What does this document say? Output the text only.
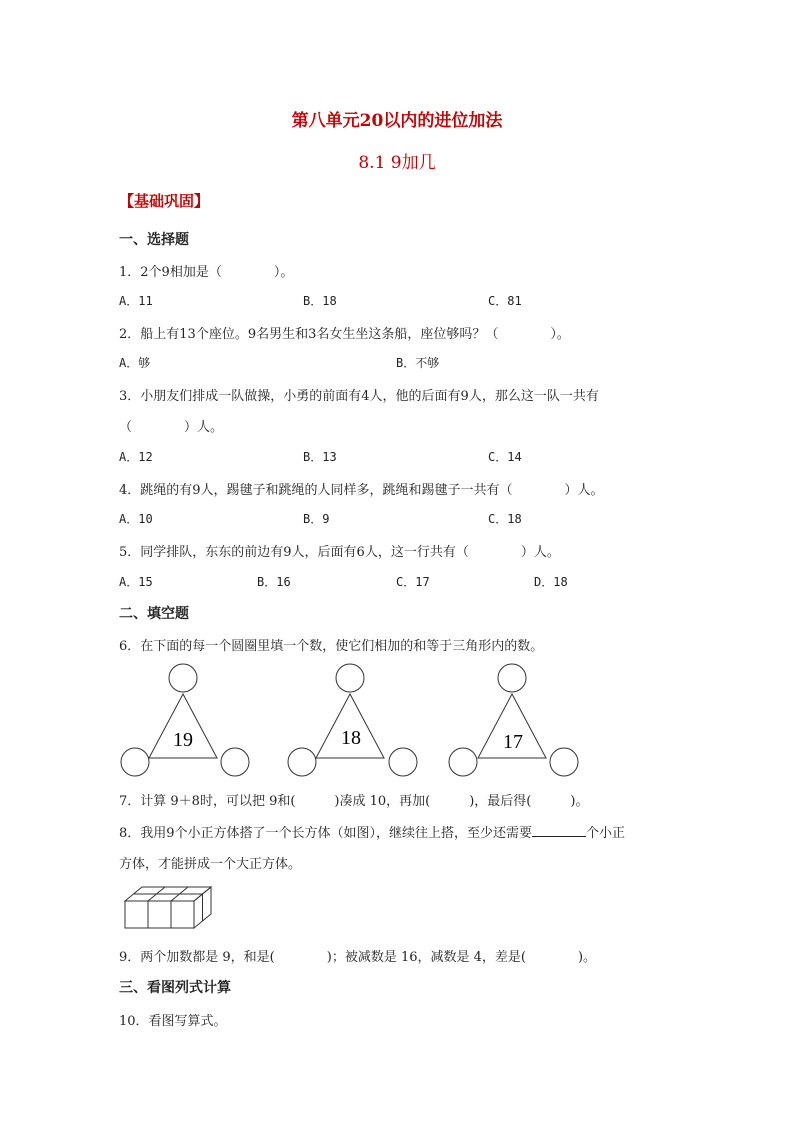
第八单元20以内的进位加法
8.1 9加几
【基础巩固】
一、选择题
1．2个9相加是（　　　　）。
A．11	B．18	C．81
2．船上有13个座位。9名男生和3名女生坐这条船，座位够吗？（　　　　）。
A．够	B．不够
3．小朋友们排成一队做操，小勇的前面有4人，他的后面有9人，那么这一队一共有
（　　　　）人。
A．12	B．13	C．14
4．跳绳的有9人，踢毽子和跳绳的人同样多，跳绳和踢毽子一共有（　　　　）人。
A．10	B．9	C．18
5．同学排队，东东的前边有9人，后面有6人，这一行共有（　　　　）人。
A．15	B．16	C．17	D．18
二、填空题
6．在下面的每一个圆圈里填一个数，使它们相加的和等于三角形内的数。
19	18	17
7．计算 9＋8时，可以把 9和(　　　)凑成 10，再加(　　　)，最后得(　　　)。
8．我用9个小正方体搭了一个长方体（如图），继续往上搭，至少还需要	个小正
方体，才能拼成一个大正方体。
9．两个加数都是 9，和是(　　　　)；被减数是 16，减数是 4，差是(　　　　)。
三、看图列式计算
10．看图写算式。
